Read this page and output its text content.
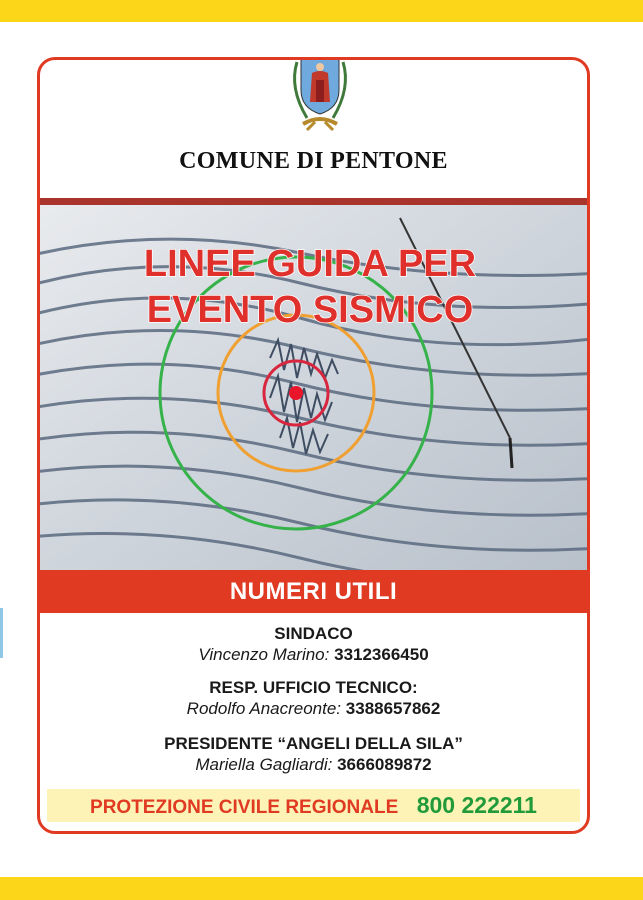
COMUNE DI PENTONE
LINEE GUIDA PER
EVENTO SISMICO
NUMERI UTILI
SINDACO
Vincenzo Marino: 3312366450
RESP. UFFICIO TECNICO:
Rodolfo Anacreonte: 3388657862
PRESIDENTE “ANGELI DELLA SILA”
Mariella Gagliardi: 3666089872
PROTEZIONE CIVILE REGIONALE 800 222211
